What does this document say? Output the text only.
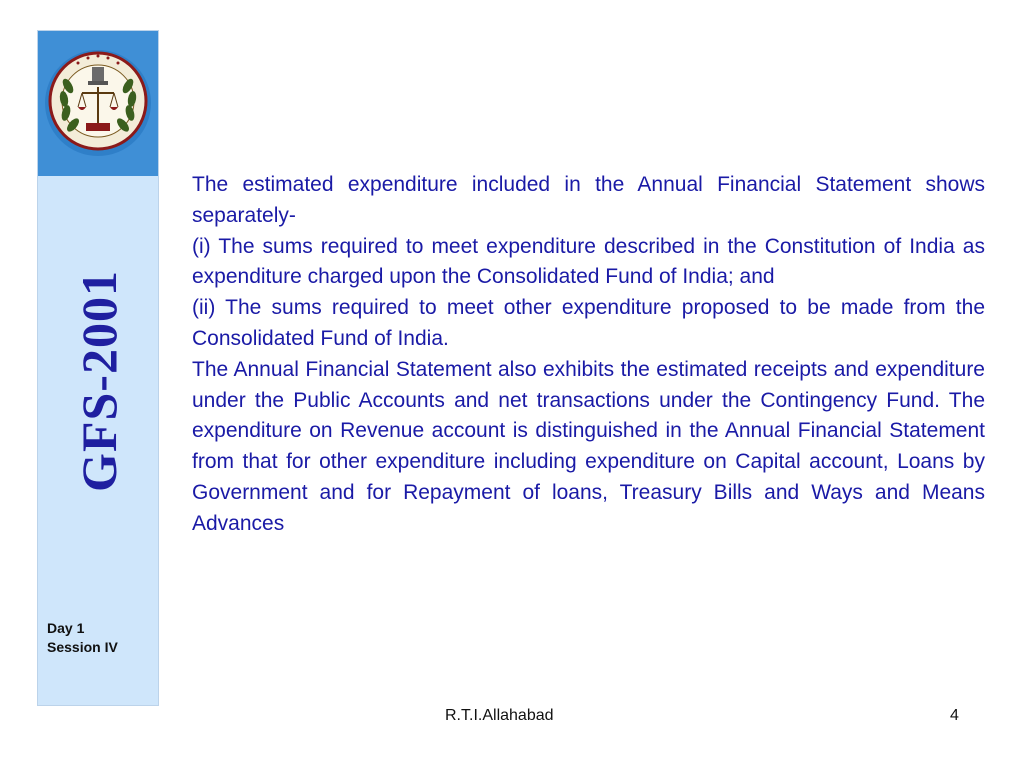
GFS-2001
Day 1
Session IV

The estimated expenditure included in the Annual Financial Statement shows separately-

(i) The sums required to meet expenditure described in the Constitution of India as expenditure charged upon the Consolidated Fund of India; and

(ii) The sums required to meet other expenditure proposed to be made from the Consolidated Fund of India.

The Annual Financial Statement also exhibits the estimated receipts and expenditure under the Public Accounts and net transactions under the Contingency Fund. The expenditure on Revenue account is distinguished in the Annual Financial Statement from that for other expenditure including expenditure on Capital account, Loans by Government and for Repayment of loans, Treasury Bills and Ways and Means Advances

R.T.I.Allahabad	4
